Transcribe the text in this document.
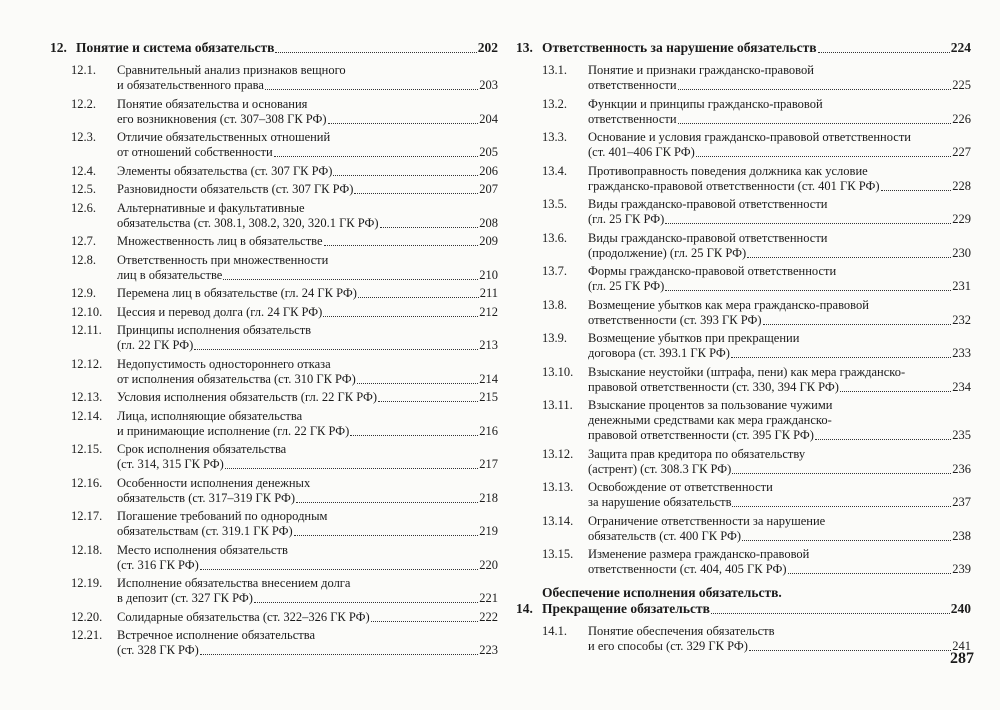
12. Понятие и система обязательств	202
12.1.	Сравнительный анализ признаков вещного
и обязательственного права	203
12.2.	Понятие обязательства и основания
его возникновения (ст. 307–308 ГК РФ)	204
12.3.	Отличие обязательственных отношений
от отношений собственности	205
12.4.	Элементы обязательства (ст. 307 ГК РФ)	206
12.5.	Разновидности обязательств (ст. 307 ГК РФ)	207
12.6.	Альтернативные и факультативные
обязательства (ст. 308.1, 308.2, 320, 320.1 ГК РФ)	208
12.7.	Множественность лиц в обязательстве	209
12.8.	Ответственность при множественности
лиц в обязательстве	210
12.9.	Перемена лиц в обязательстве (гл. 24 ГК РФ)	211
12.10.	Цессия и перевод долга (гл. 24 ГК РФ)	212
12.11.	Принципы исполнения обязательств
(гл. 22 ГК РФ)	213
12.12.	Недопустимость одностороннего отказа
от исполнения обязательства (ст. 310 ГК РФ)	214
12.13.	Условия исполнения обязательств (гл. 22 ГК РФ)	215
12.14.	Лица, исполняющие обязательства
и принимающие исполнение (гл. 22 ГК РФ)	216
12.15.	Срок исполнения обязательства
(ст. 314, 315 ГК РФ)	217
12.16.	Особенности исполнения денежных
обязательств (ст. 317–319 ГК РФ)	218
12.17.	Погашение требований по однородным
обязательствам (ст. 319.1 ГК РФ)	219
12.18.	Место исполнения обязательств
(ст. 316 ГК РФ)	220
12.19.	Исполнение обязательства внесением долга
в депозит (ст. 327 ГК РФ)	221
12.20.	Солидарные обязательства (ст. 322–326 ГК РФ)	222
12.21.	Встречное исполнение обязательства
(ст. 328 ГК РФ)	223
13. Ответственность за нарушение обязательств	224
13.1.	Понятие и признаки гражданско-правовой
ответственности	225
13.2.	Функции и принципы гражданско-правовой
ответственности	226
13.3.	Основание и условия гражданско-правовой ответственности
(ст. 401–406 ГК РФ)	227
13.4.	Противоправность поведения должника как условие
гражданско-правовой ответственности (ст. 401 ГК РФ)	228
13.5.	Виды гражданско-правовой ответственности
(гл. 25 ГК РФ)	229
13.6.	Виды гражданско-правовой ответственности
(продолжение) (гл. 25 ГК РФ)	230
13.7.	Формы гражданско-правовой ответственности
(гл. 25 ГК РФ)	231
13.8.	Возмещение убытков как мера гражданско-правовой
ответственности (ст. 393 ГК РФ)	232
13.9.	Возмещение убытков при прекращении
договора (ст. 393.1 ГК РФ)	233
13.10.	Взыскание неустойки (штрафа, пени) как мера гражданско-
правовой ответственности (ст. 330, 394 ГК РФ)	234
13.11.	Взыскание процентов за пользование чужими
денежными средствами как мера гражданско-
правовой ответственности (ст. 395 ГК РФ)	235
13.12.	Защита прав кредитора по обязательству
(астрент) (ст. 308.3 ГК РФ)	236
13.13.	Освобождение от ответственности
за нарушение обязательств	237
13.14.	Ограничение ответственности за нарушение
обязательств (ст. 400 ГК РФ)	238
13.15.	Изменение размера гражданско-правовой
ответственности (ст. 404, 405 ГК РФ)	239
14.
Обеспечение исполнения обязательств.
Прекращение обязательств	240
14.1.	Понятие обеспечения обязательств
и его способы (ст. 329 ГК РФ)	241
287
